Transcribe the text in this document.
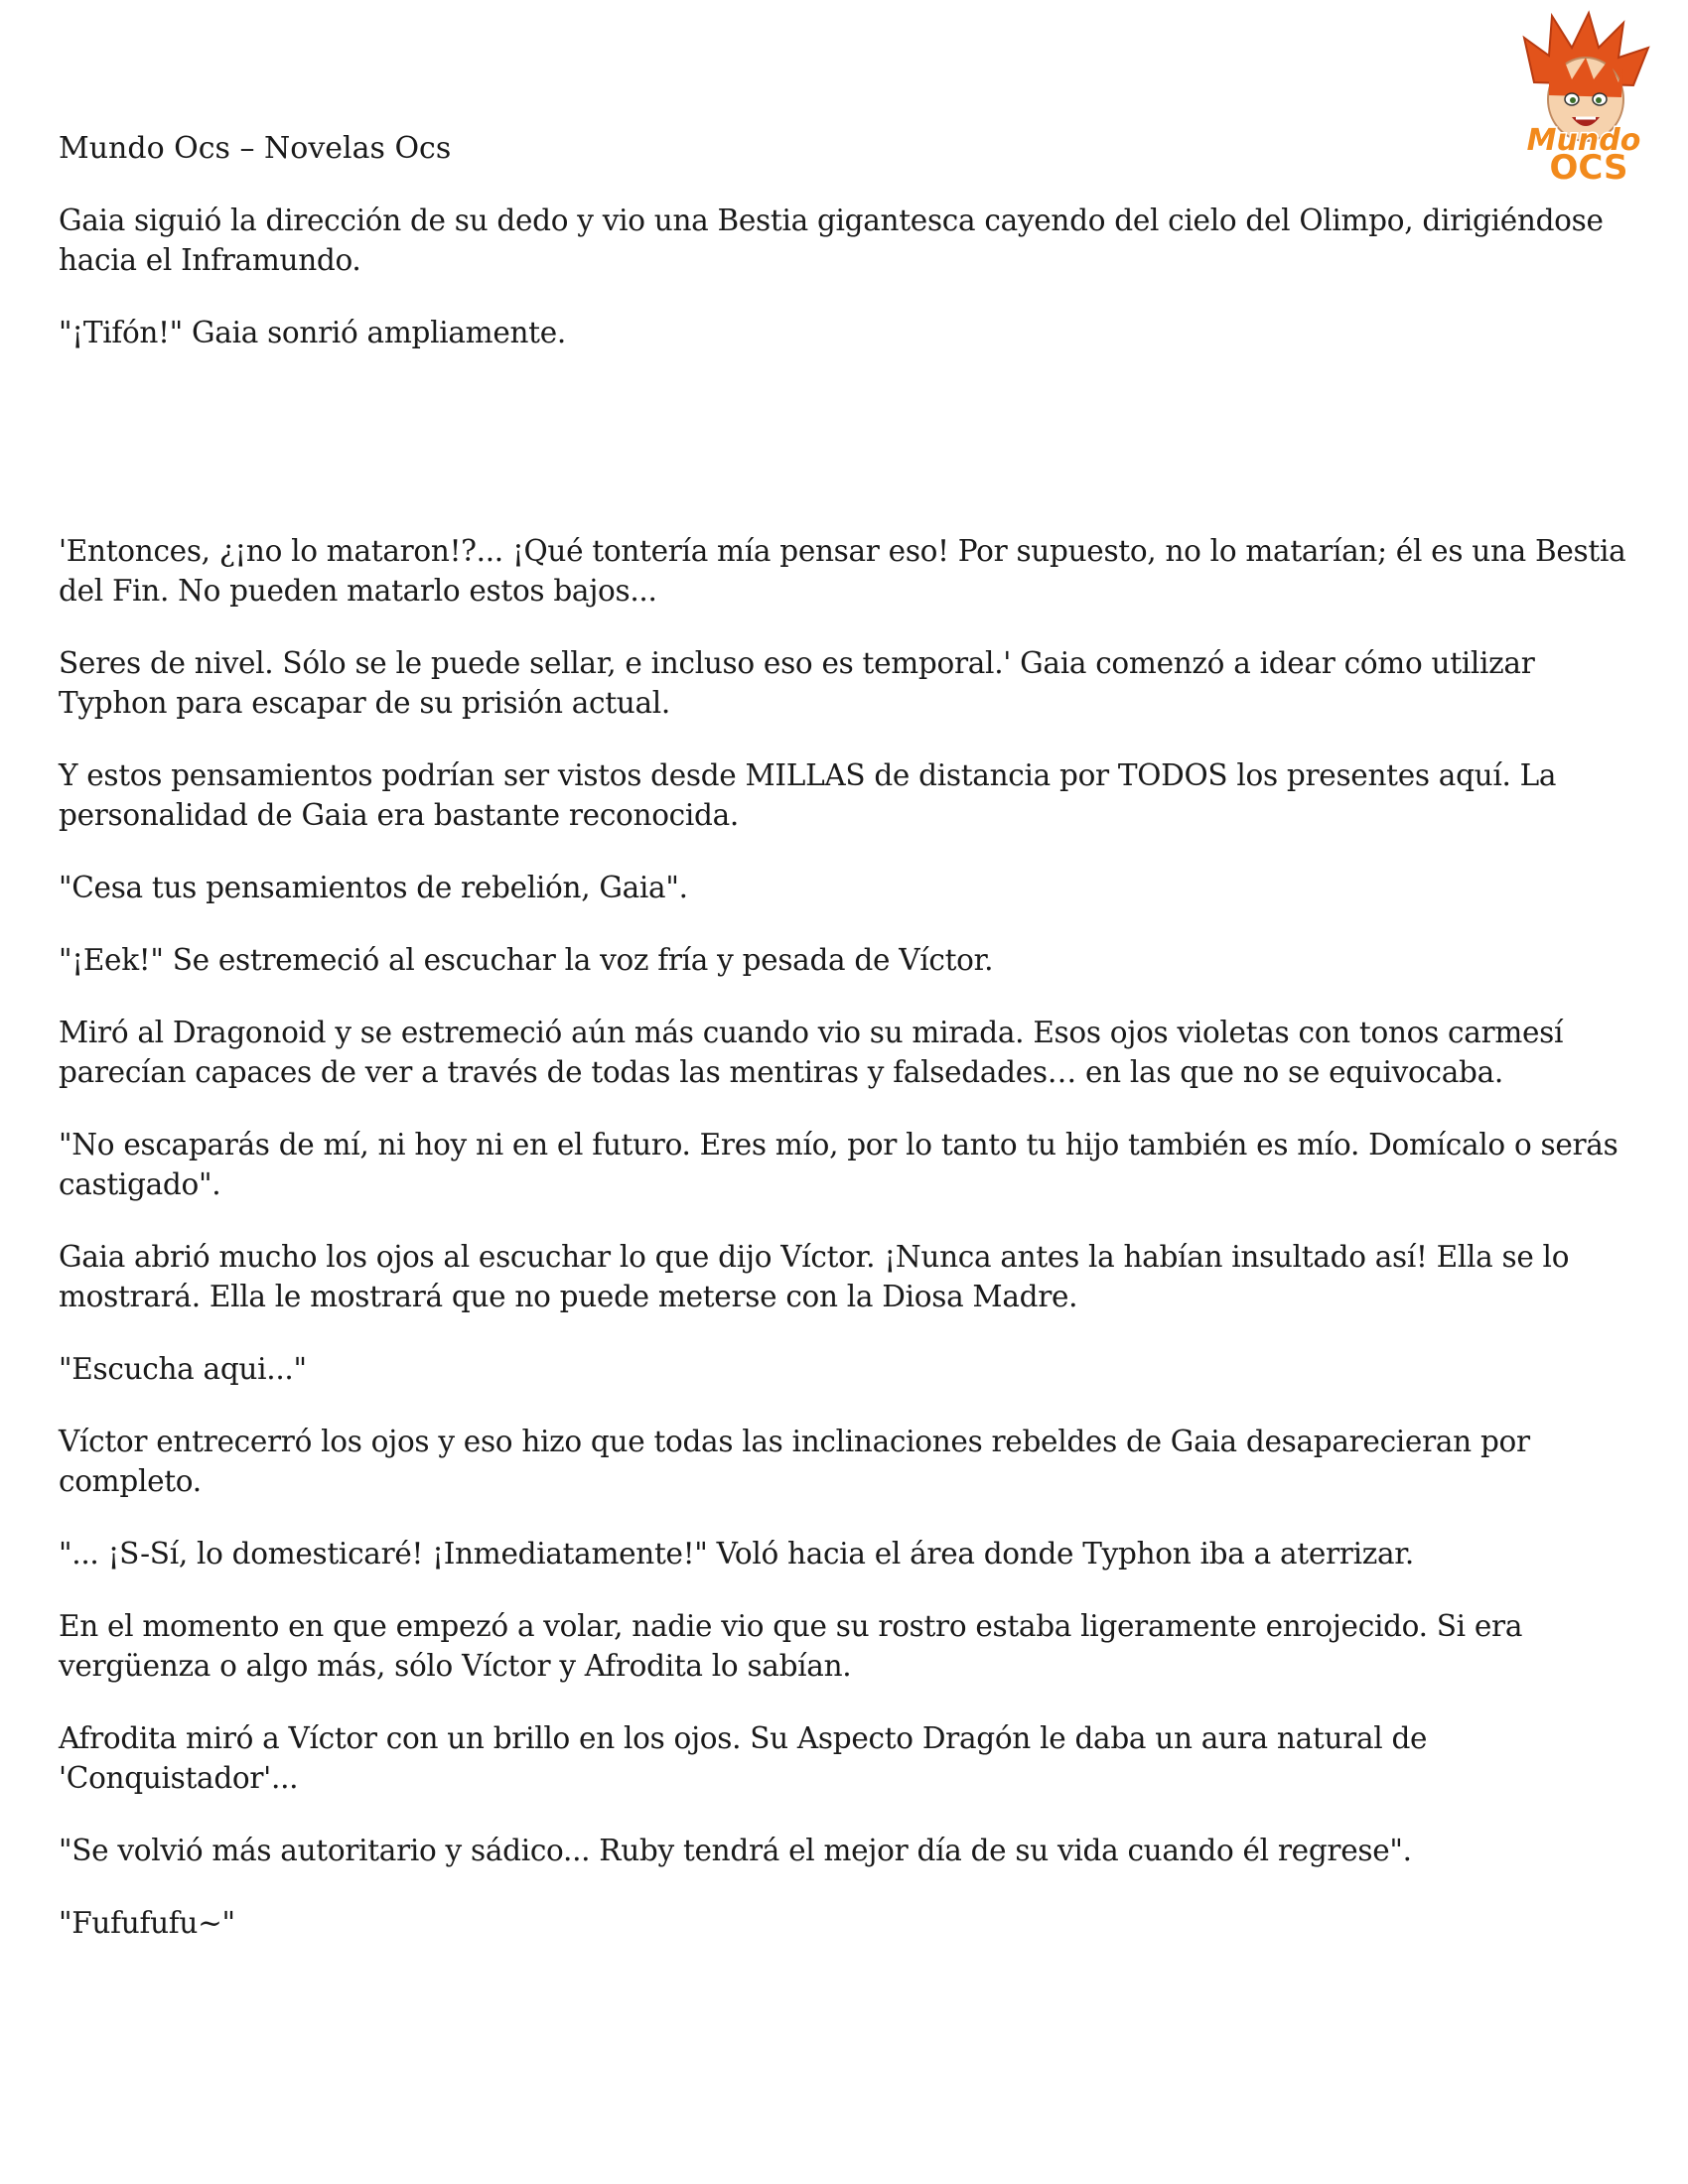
Mundo Ocs – Novelas Ocs	Mundo
OCS

Gaia siguió la dirección de su dedo y vio una Bestia gigantesca cayendo del cielo del Olimpo, dirigiéndose hacia el Inframundo.

"¡Tifón!" Gaia sonrió ampliamente.

'Entonces, ¿¡no lo mataron!?... ¡Qué tontería mía pensar eso! Por supuesto, no lo matarían; él es una Bestia del Fin. No pueden matarlo estos bajos...

Seres de nivel. Sólo se le puede sellar, e incluso eso es temporal.' Gaia comenzó a idear cómo utilizar Typhon para escapar de su prisión actual.

Y estos pensamientos podrían ser vistos desde MILLAS de distancia por TODOS los presentes aquí. La personalidad de Gaia era bastante reconocida.

"Cesa tus pensamientos de rebelión, Gaia".

"¡Eek!" Se estremeció al escuchar la voz fría y pesada de Víctor.

Miró al Dragonoid y se estremeció aún más cuando vio su mirada. Esos ojos violetas con tonos carmesí parecían capaces de ver a través de todas las mentiras y falsedades… en las que no se equivocaba.

"No escaparás de mí, ni hoy ni en el futuro. Eres mío, por lo tanto tu hijo también es mío. Domícalo o serás castigado".

Gaia abrió mucho los ojos al escuchar lo que dijo Víctor. ¡Nunca antes la habían insultado así! Ella se lo mostrará. Ella le mostrará que no puede meterse con la Diosa Madre.

"Escucha aqui..."

Víctor entrecerró los ojos y eso hizo que todas las inclinaciones rebeldes de Gaia desaparecieran por completo.

"... ¡S-Sí, lo domesticaré! ¡Inmediatamente!" Voló hacia el área donde Typhon iba a aterrizar.

En el momento en que empezó a volar, nadie vio que su rostro estaba ligeramente enrojecido. Si era vergüenza o algo más, sólo Víctor y Afrodita lo sabían.

Afrodita miró a Víctor con un brillo en los ojos. Su Aspecto Dragón le daba un aura natural de 'Conquistador'...

"Se volvió más autoritario y sádico... Ruby tendrá el mejor día de su vida cuando él regrese".

"Fufufufu~"
